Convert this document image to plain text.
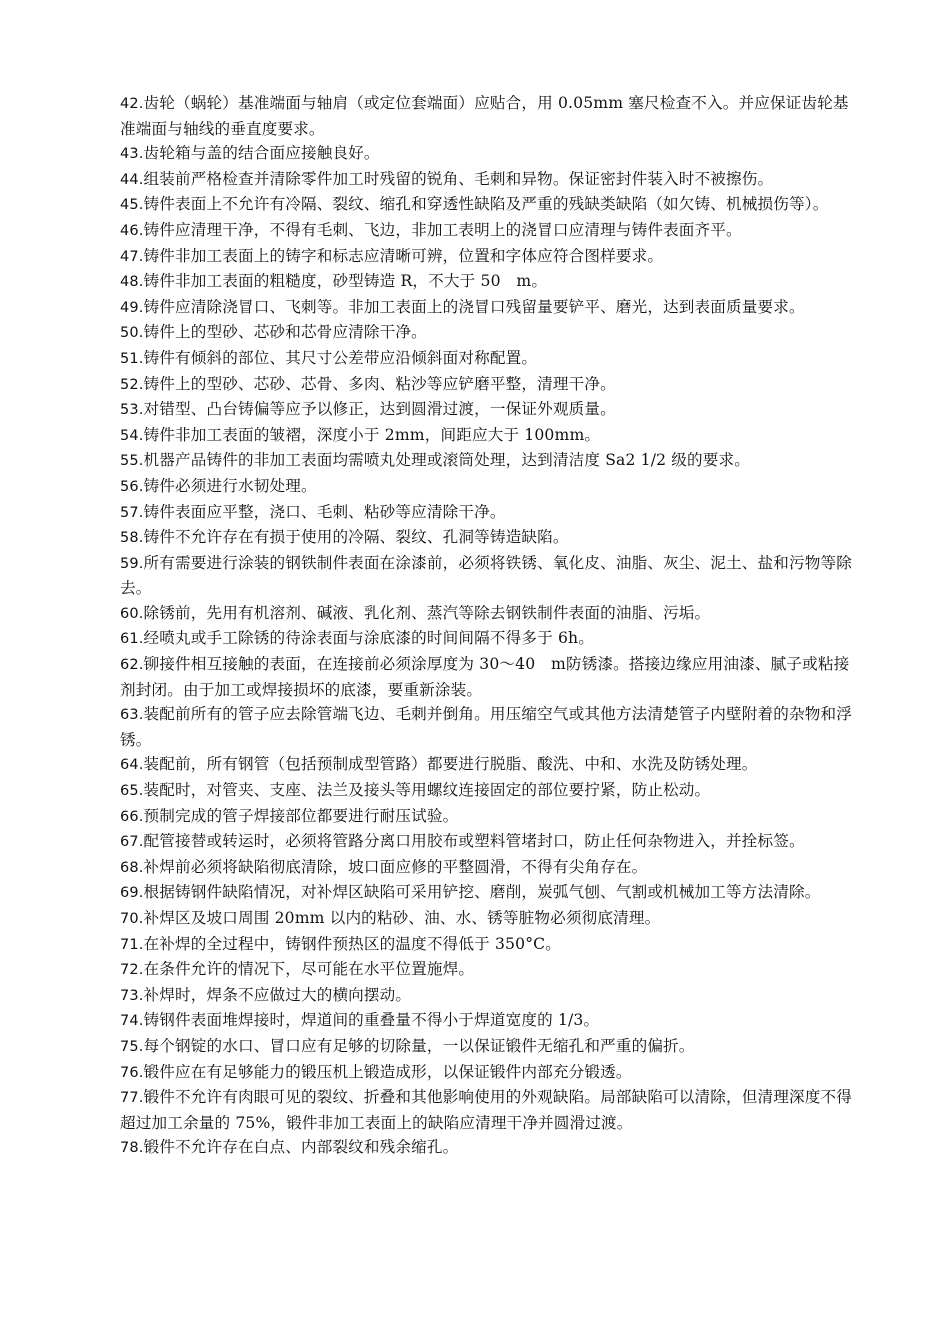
42.齿轮（蜗轮）基准端面与轴肩（或定位套端面）应贴合，用 0.05mm 塞尺检查不入。并应保证齿轮基准端面与轴线的垂直度要求。

43.齿轮箱与盖的结合面应接触良好。

44.组装前严格检查并清除零件加工时残留的锐角、毛刺和异物。保证密封件装入时不被擦伤。

45.铸件表面上不允许有冷隔、裂纹、缩孔和穿透性缺陷及严重的残缺类缺陷（如欠铸、机械损伤等）。

46.铸件应清理干净，不得有毛刺、飞边，非加工表明上的浇冒口应清理与铸件表面齐平。

47.铸件非加工表面上的铸字和标志应清晰可辨，位置和字体应符合图样要求。

48.铸件非加工表面的粗糙度，砂型铸造 R，不大于 50　m。

49.铸件应清除浇冒口、飞刺等。非加工表面上的浇冒口残留量要铲平、磨光，达到表面质量要求。

50.铸件上的型砂、芯砂和芯骨应清除干净。

51.铸件有倾斜的部位、其尺寸公差带应沿倾斜面对称配置。

52.铸件上的型砂、芯砂、芯骨、多肉、粘沙等应铲磨平整，清理干净。

53.对错型、凸台铸偏等应予以修正，达到圆滑过渡，一保证外观质量。

54.铸件非加工表面的皱褶，深度小于 2mm，间距应大于 100mm。

55.机器产品铸件的非加工表面均需喷丸处理或滚筒处理，达到清洁度 Sa2 1/2 级的要求。

56.铸件必须进行水韧处理。

57.铸件表面应平整，浇口、毛刺、粘砂等应清除干净。

58.铸件不允许存在有损于使用的冷隔、裂纹、孔洞等铸造缺陷。

59.所有需要进行涂装的钢铁制件表面在涂漆前，必须将铁锈、氧化皮、油脂、灰尘、泥土、盐和污物等除去。

60.除锈前，先用有机溶剂、碱液、乳化剂、蒸汽等除去钢铁制件表面的油脂、污垢。

61.经喷丸或手工除锈的待涂表面与涂底漆的时间间隔不得多于 6h。

62.铆接件相互接触的表面，在连接前必须涂厚度为 30～40　m防锈漆。搭接边缘应用油漆、腻子或粘接剂封闭。由于加工或焊接损坏的底漆，要重新涂装。

63.装配前所有的管子应去除管端飞边、毛刺并倒角。用压缩空气或其他方法清楚管子内壁附着的杂物和浮锈。

64.装配前，所有钢管（包括预制成型管路）都要进行脱脂、酸洗、中和、水洗及防锈处理。

65.装配时，对管夹、支座、法兰及接头等用螺纹连接固定的部位要拧紧，防止松动。

66.预制完成的管子焊接部位都要进行耐压试验。

67.配管接替或转运时，必须将管路分离口用胶布或塑料管堵封口，防止任何杂物进入，并拴标签。

68.补焊前必须将缺陷彻底清除，坡口面应修的平整圆滑，不得有尖角存在。

69.根据铸钢件缺陷情况，对补焊区缺陷可采用铲挖、磨削，炭弧气刨、气割或机械加工等方法清除。

70.补焊区及坡口周围 20mm 以内的粘砂、油、水、锈等脏物必须彻底清理。

71.在补焊的全过程中，铸钢件预热区的温度不得低于 350°C。

72.在条件允许的情况下，尽可能在水平位置施焊。

73.补焊时，焊条不应做过大的横向摆动。

74.铸钢件表面堆焊接时，焊道间的重叠量不得小于焊道宽度的 1/3。

75.每个钢锭的水口、冒口应有足够的切除量，一以保证锻件无缩孔和严重的偏折。

76.锻件应在有足够能力的锻压机上锻造成形，以保证锻件内部充分锻透。

77.锻件不允许有肉眼可见的裂纹、折叠和其他影响使用的外观缺陷。局部缺陷可以清除，但清理深度不得超过加工余量的 75%，锻件非加工表面上的缺陷应清理干净并圆滑过渡。

78.锻件不允许存在白点、内部裂纹和残余缩孔。
